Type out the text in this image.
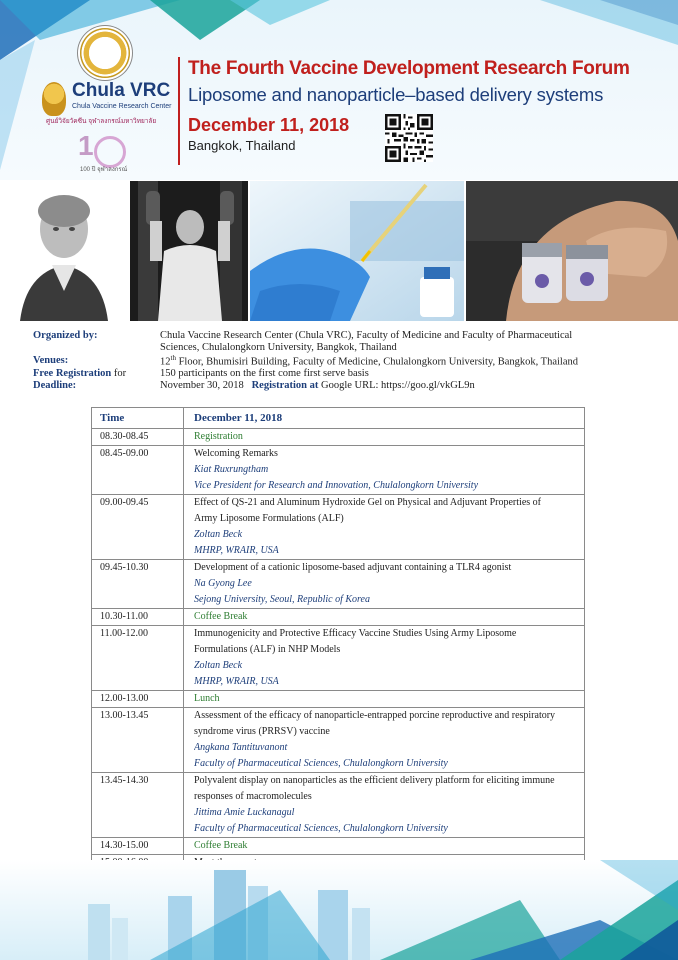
Chula VRC
Chula Vaccine Research Center
ศูนย์วิจัยวัคซีน จุฬาลงกรณ์มหาวิทยาลัย
1
100 ปี จุฬาลงกรณ์
The Fourth Vaccine Development Research Forum
Liposome and nanoparticle–based delivery systems
December 11, 2018
Bangkok, Thailand
Organized by:	Chula Vaccine Research Center (Chula VRC), Faculty of Medicine and Faculty of Pharmaceutical
Sciences, Chulalongkorn University, Bangkok, Thailand
Venues:	12th Floor, Bhumisiri Building, Faculty of Medicine, Chulalongkorn University, Bangkok, Thailand
Free Registration for	150 participants on the first come first serve basis
Deadline:	November 30, 2018 Registration at Google URL: https://goo.gl/vkGL9n
Time	December 11, 2018

08.30-08.45	Registration

08.45-09.00	Welcoming Remarks
Kiat Ruxrungtham
Vice President for Research and Innovation, Chulalongkorn University

09.00-09.45	Effect of QS-21 and Aluminum Hydroxide Gel on Physical and Adjuvant Properties of
Army Liposome Formulations (ALF)
Zoltan Beck
MHRP, WRAIR, USA

09.45-10.30	Development of a cationic liposome-based adjuvant containing a TLR4 agonist
Na Gyong Lee
Sejong University, Seoul, Republic of Korea

10.30-11.00	Coffee Break

11.00-12.00	Immunogenicity and Protective Efficacy Vaccine Studies Using Army Liposome
Formulations (ALF) in NHP Models
Zoltan Beck
MHRP, WRAIR, USA

12.00-13.00	Lunch

13.00-13.45	Assessment of the efficacy of nanoparticle-entrapped porcine reproductive and respiratory
syndrome virus (PRRSV) vaccine
Angkana Tantituvanont
Faculty of Pharmaceutical Sciences, Chulalongkorn University

13.45-14.30	Polyvalent display on nanoparticles as the efficient delivery platform for eliciting immune
responses of macromolecules
Jittima Amie Luckanagul
Faculty of Pharmaceutical Sciences, Chulalongkorn University

14.30-15.00	Coffee Break
